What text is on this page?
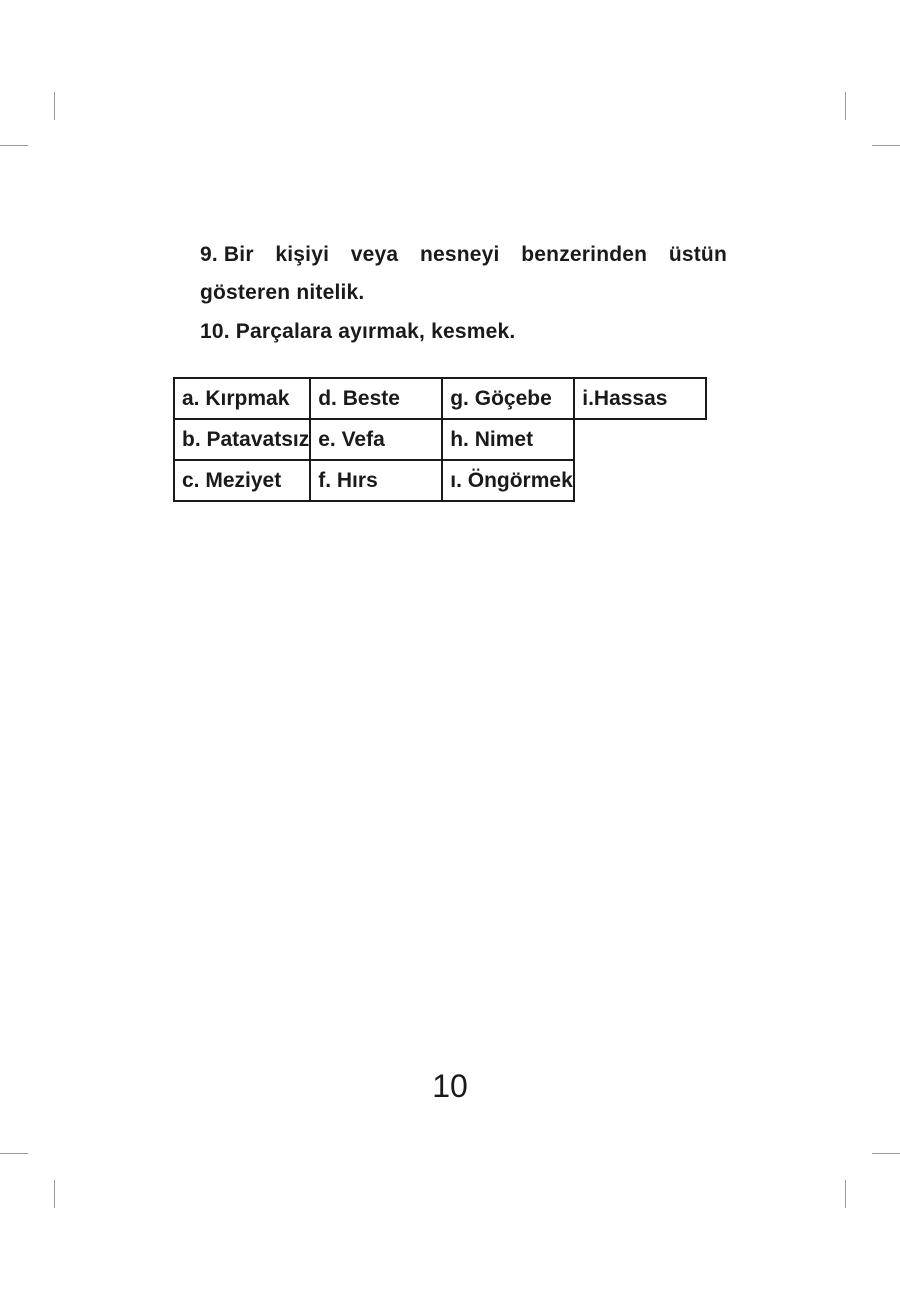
9. Bir kişiyi veya nesneyi benzerinden üstün gösteren nitelik.
10. Parçalara ayırmak, kesmek.
a. Kırpmak	d. Beste	g. Göçebe	i.Hassas
b. Patavatsız	e. Vefa	h. Nimet	
c. Meziyet	f. Hırs	ı. Öngörmek	
10
